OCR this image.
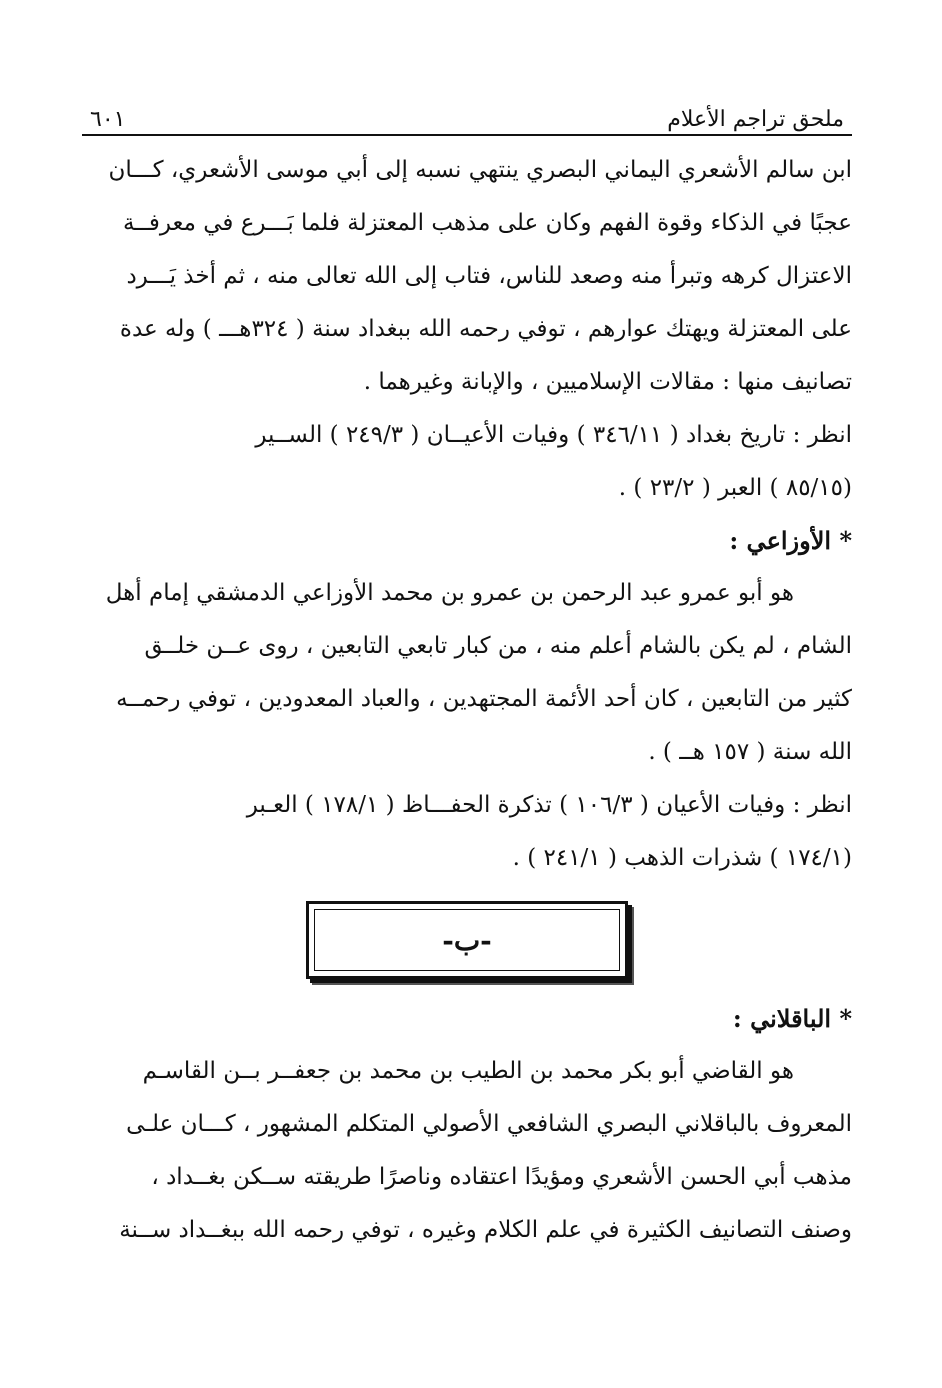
ملحق تراجم الأعلام
٦٠١

ابن سالم الأشعري اليماني البصري ينتهي نسبه إلى أبي موسى الأشعري، كـــان

عجبًا في الذكاء وقوة الفهم وكان على مذهب المعتزلة فلما بَـــرع في معرفــة

الاعتزال كرهه وتبرأ منه وصعد للناس، فتاب إلى الله تعالى منه ، ثم أخذ يَـــرد

على المعتزلة ويهتك عوارهم ، توفي رحمه الله ببغداد سنة ( ٣٢٤هـــ ) وله عدة

تصانيف منها : مقالات الإسلاميين ، والإبانة وغيرهما .

انظر : تاريخ بغداد ( ٣٤٦/١١ ) وفيات الأعيــان ( ٢٤٩/٣ ) الســير

(٨٥/١٥ ) العبر ( ٢٣/٢ ) .

* الأوزاعي :

هو أبو عمرو عبد الرحمن بن عمرو بن محمد الأوزاعي الدمشقي إمام أهل

الشام ، لم يكن بالشام أعلم منه ، من كبار تابعي التابعين ، روى عــن خلــق

كثير من التابعين ، كان أحد الأئمة المجتهدين ، والعباد المعدودين ، توفي رحمــه

الله سنة ( ١٥٧ هــ ) .

انظر : وفيات الأعيان ( ١٠٦/٣ ) تذكرة الحفـــاظ ( ١٧٨/١ ) العـبر

(١٧٤/١ ) شذرات الذهب ( ٢٤١/١ ) .

-ب-

* الباقلاني :

هو القاضي أبو بكر محمد بن الطيب بن محمد بن جعفــر بــن القاسـم

المعروف بالباقلاني البصري الشافعي الأصولي المتكلم المشهور ، كـــان علـى

مذهب أبي الحسن الأشعري ومؤيدًا اعتقاده وناصرًا طريقته ســكن بغــداد ،

وصنف التصانيف الكثيرة في علم الكلام وغيره ، توفي رحمه الله ببغــداد ســنة
